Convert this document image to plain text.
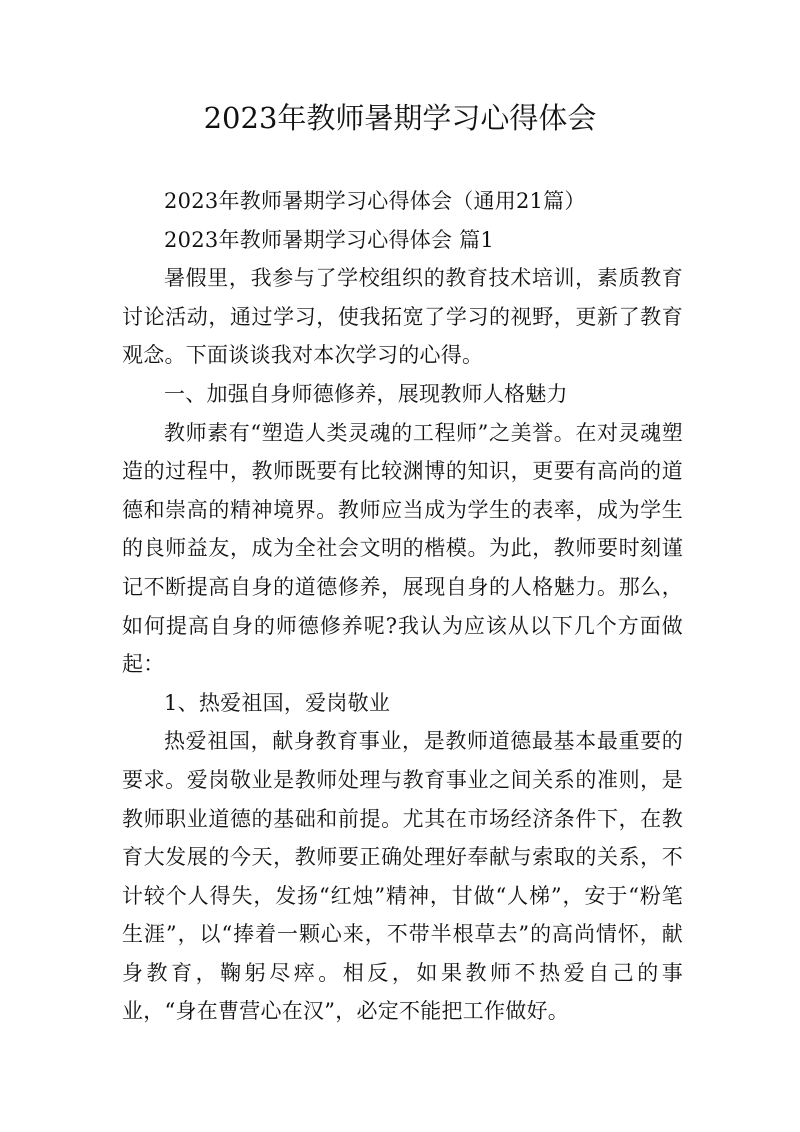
2023年教师暑期学习心得体会

2023年教师暑期学习心得体会（通用21篇）

2023年教师暑期学习心得体会 篇1

暑假里，我参与了学校组织的教育技术培训，素质教育讨论活动，通过学习，使我拓宽了学习的视野，更新了教育观念。下面谈谈我对本次学习的心得。

一、加强自身师德修养，展现教师人格魅力

教师素有“塑造人类灵魂的工程师”之美誉。在对灵魂塑造的过程中，教师既要有比较渊博的知识，更要有高尚的道德和崇高的精神境界。教师应当成为学生的表率，成为学生的良师益友，成为全社会文明的楷模。为此，教师要时刻谨记不断提高自身的道德修养，展现自身的人格魅力。那么，如何提高自身的师德修养呢?我认为应该从以下几个方面做起：

1、热爱祖国，爱岗敬业

热爱祖国，献身教育事业，是教师道德最基本最重要的要求。爱岗敬业是教师处理与教育事业之间关系的准则，是教师职业道德的基础和前提。尤其在市场经济条件下，在教育大发展的今天，教师要正确处理好奉献与索取的关系，不计较个人得失，发扬“红烛”精神，甘做“人梯”，安于“粉笔生涯”，以“捧着一颗心来，不带半根草去”的高尚情怀，献身教育，鞠躬尽瘁。相反，如果教师不热爱自己的事业，“身在曹营心在汉”，必定不能把工作做好。
